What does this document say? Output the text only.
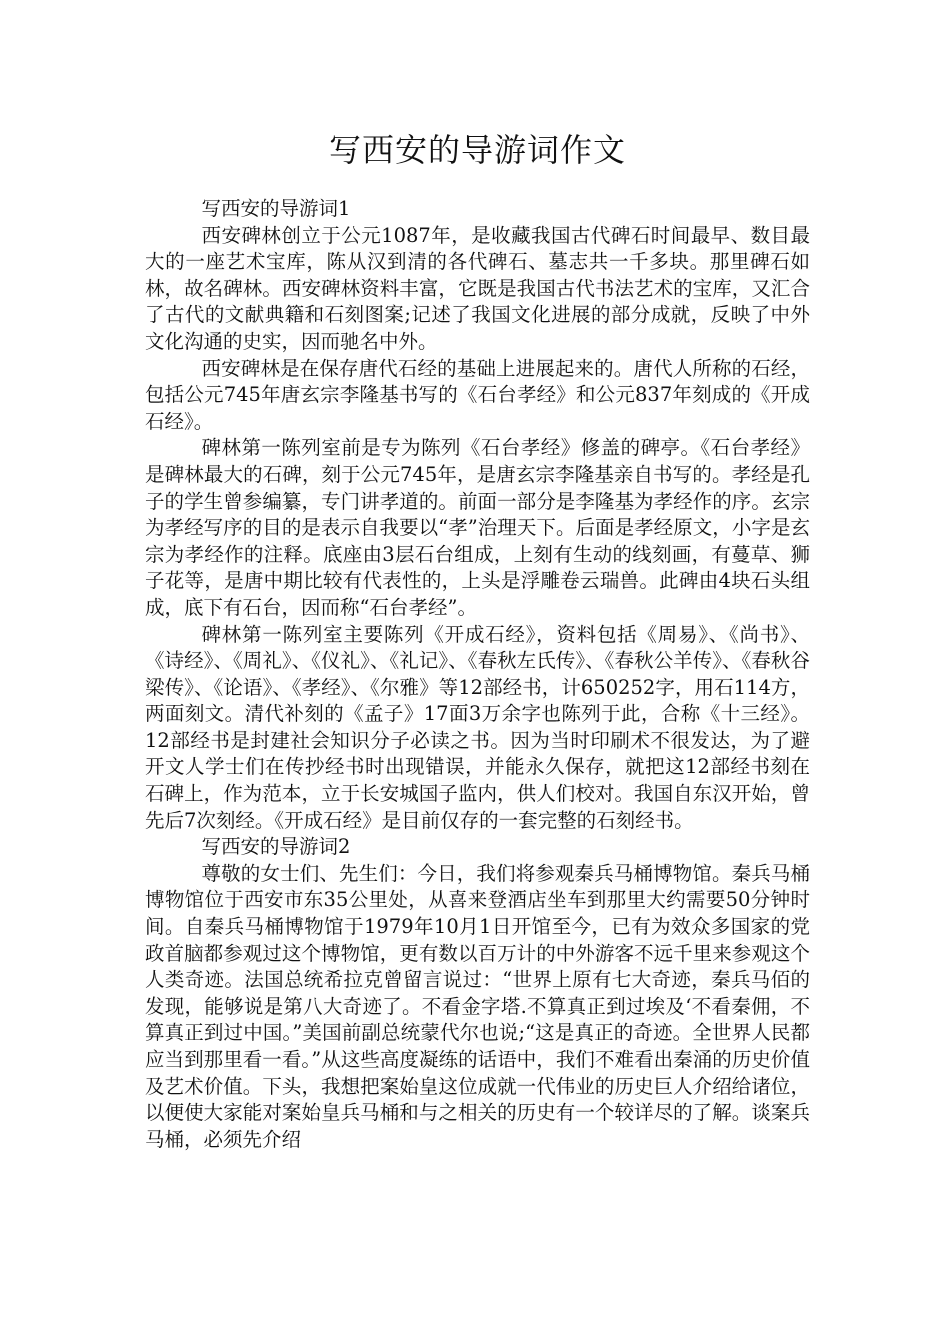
写西安的导游词作文

写西安的导游词1

西安碑林创立于公元1087年，是收藏我国古代碑石时间最早、数目最大的一座艺术宝库，陈从汉到清的各代碑石、墓志共一千多块。那里碑石如林，故名碑林。西安碑林资料丰富，它既是我国古代书法艺术的宝库，又汇合了古代的文献典籍和石刻图案;记述了我国文化进展的部分成就，反映了中外文化沟通的史实，因而驰名中外。

西安碑林是在保存唐代石经的基础上进展起来的。唐代人所称的石经，包括公元745年唐玄宗李隆基书写的《石台孝经》和公元837年刻成的《开成石经》。

碑林第一陈列室前是专为陈列《石台孝经》修盖的碑亭。《石台孝经》是碑林最大的石碑，刻于公元745年，是唐玄宗李隆基亲自书写的。孝经是孔子的学生曾参编纂，专门讲孝道的。前面一部分是李隆基为孝经作的序。玄宗为孝经写序的目的是表示自我要以“孝”治理天下。后面是孝经原文，小字是玄宗为孝经作的注释。底座由3层石台组成，上刻有生动的线刻画，有蔓草、狮子花等，是唐中期比较有代表性的，上头是浮雕卷云瑞兽。此碑由4块石头组成，底下有石台，因而称“石台孝经”。

碑林第一陈列室主要陈列《开成石经》，资料包括《周易》、《尚书》、《诗经》、《周礼》、《仪礼》、《礼记》、《春秋左氏传》、《春秋公羊传》、《春秋谷梁传》、《论语》、《孝经》、《尔雅》等12部经书，计650252字，用石114方，两面刻文。清代补刻的《孟子》17面3万余字也陈列于此，合称《十三经》。12部经书是封建社会知识分子必读之书。因为当时印刷术不很发达，为了避开文人学士们在传抄经书时出现错误，并能永久保存，就把这12部经书刻在石碑上，作为范本，立于长安城国子监内，供人们校对。我国自东汉开始，曾先后7次刻经。《开成石经》是目前仅存的一套完整的石刻经书。

写西安的导游词2

尊敬的女士们、先生们：今日，我们将参观秦兵马桶博物馆。秦兵马桶博物馆位于西安市东35公里处，从喜来登酒店坐车到那里大约需要50分钟时间。自秦兵马桶博物馆于1979年10月1日开馆至今，已有为效众多国家的党政首脑都参观过这个博物馆，更有数以百万计的中外游客不远千里来参观这个人类奇迹。法国总统希拉克曾留言说过：“世界上原有七大奇迹，秦兵马佰的发现，能够说是第八大奇迹了。不看金字塔.不算真正到过埃及‘不看秦佣，不算真正到过中国。”美国前副总统蒙代尔也说;“这是真正的奇迹。全世界人民都应当到那里看一看。”从这些高度凝练的话语中，我们不难看出秦涌的历史价值及艺术价值。下头，我想把案始皇这位成就一代伟业的历史巨人介绍给诸位，以便使大家能对案始皇兵马桶和与之相关的历史有一个较详尽的了解。谈案兵马桶，必须先介绍
